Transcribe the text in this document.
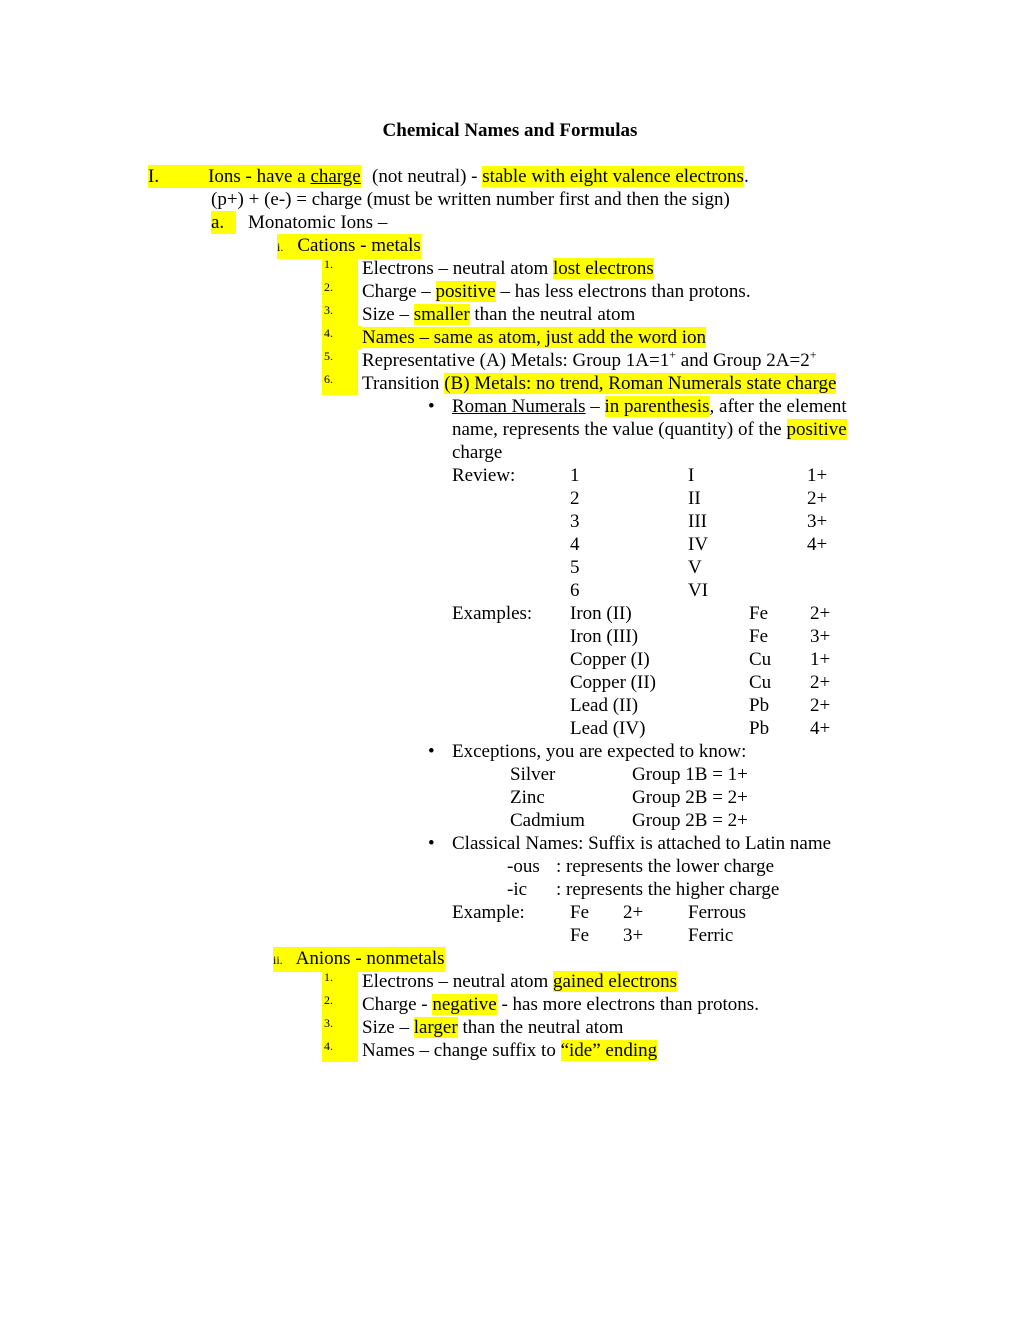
Chemical Names and Formulas
I.	Ions - have a charge (not neutral) - stable with eight valence electrons.
(p+) + (e-) = charge (must be written number first and then the sign)
a.	Monatomic Ions –
i. Cations - metals
1. Electrons – neutral atom lost electrons
2. Charge – positive – has less electrons than protons.
3. Size – smaller than the neutral atom
4. Names – same as atom, just add the word ion
5. Representative (A) Metals: Group 1A=1+ and Group 2A=2+
6. Transition (B) Metals: no trend, Roman Numerals state charge
• Roman Numerals – in parenthesis, after the element
name, represents the value (quantity) of the positive
charge
Review:	1	I	1+
2	II	2+
3	III	3+
4	IV	4+
5	V
6	VI
Examples: Iron (II)	Fe 2+
Iron (III)	Fe 3+
Copper (I)	Cu 1+
Copper (II)	Cu 2+
Lead (II)	Pb 2+
Lead (IV)	Pb 4+
• Exceptions, you are expected to know:
Silver	Group 1B = 1+
Zinc	Group 2B = 2+
Cadmium Group 2B = 2+
• Classical Names: Suffix is attached to Latin name
-ous : represents the lower charge
-ic : represents the higher charge
Example: Fe 2+ Ferrous
Fe 3+ Ferric
ii. Anions - nonmetals
1. Electrons – neutral atom gained electrons
2. Charge - negative - has more electrons than protons.
3. Size – larger than the neutral atom
4. Names – change suffix to “ide” ending
